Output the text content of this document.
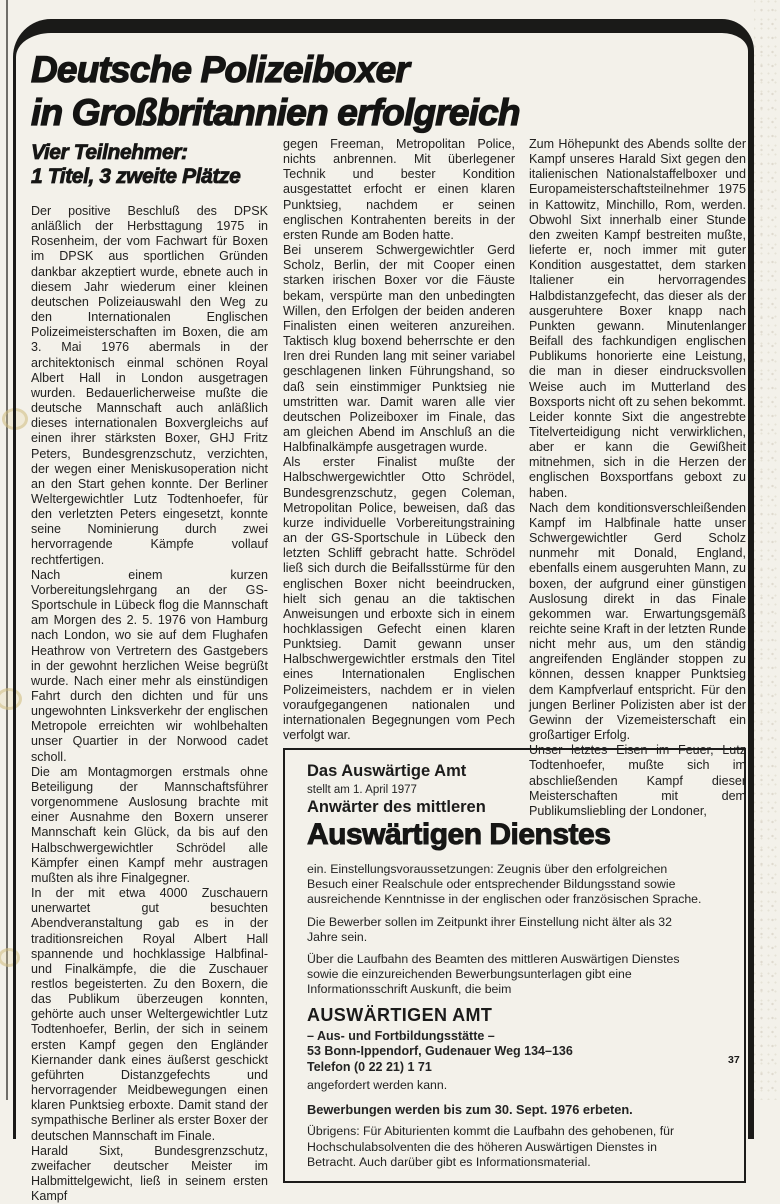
Deutsche Polizeiboxer
in Großbritannien erfolgreich
Vier Teilnehmer:
1 Titel, 3 zweite Plätze

Der positive Beschluß des DPSK anläßlich der Herbsttagung 1975 in Rosenheim, der vom Fachwart für Boxen im DPSK aus sportlichen Gründen dankbar akzeptiert wurde, ebnete auch in diesem Jahr wiederum einer kleinen deutschen Polizeiauswahl den Weg zu den Internationalen Englischen Polizeimeisterschaften im Boxen, die am 3. Mai 1976 abermals in der architektonisch einmal schönen Royal Albert Hall in London ausgetragen wurden. Bedauerlicherweise mußte die deutsche Mannschaft auch anläßlich dieses internationalen Boxvergleichs auf einen ihrer stärksten Boxer, GHJ Fritz Peters, Bundesgrenzschutz, verzichten, der wegen einer Meniskusoperation nicht an den Start gehen konnte. Der Berliner Weltergewichtler Lutz Todtenhoefer, für den verletzten Peters eingesetzt, konnte seine Nominierung durch zwei hervorragende Kämpfe vollauf rechtfertigen.

Nach einem kurzen Vorbereitungslehrgang an der GS-Sportschule in Lübeck flog die Mannschaft am Morgen des 2. 5. 1976 von Hamburg nach London, wo sie auf dem Flughafen Heathrow von Vertretern des Gastgebers in der gewohnt herzlichen Weise begrüßt wurde. Nach einer mehr als einstündigen Fahrt durch den dichten und für uns ungewohnten Linksverkehr der englischen Metropole erreichten wir wohlbehalten unser Quartier in der Norwood cadet scholl.

Die am Montagmorgen erstmals ohne Beteiligung der Mannschaftsführer vorgenommene Auslosung brachte mit einer Ausnahme den Boxern unserer Mannschaft kein Glück, da bis auf den Halbschwergewichtler Schrödel alle Kämpfer einen Kampf mehr austragen mußten als ihre Finalgegner.

In der mit etwa 4000 Zuschauern unerwartet gut besuchten Abendveranstaltung gab es in der traditionsreichen Royal Albert Hall spannende und hochklassige Halbfinal- und Finalkämpfe, die die Zuschauer restlos begeisterten. Zu den Boxern, die das Publikum überzeugen konnten, gehörte auch unser Weltergewichtler Lutz Todtenhoefer, Berlin, der sich in seinem ersten Kampf gegen den Engländer Kiernander dank eines äußerst geschickt geführten Distanzgefechts und hervorragender Meidbewegungen einen klaren Punktsieg erboxte. Damit stand der sympathische Berliner als erster Boxer der deutschen Mannschaft im Finale.

Harald Sixt, Bundesgrenzschutz, zweifacher deutscher Meister im Halbmittelgewicht, ließ in seinem ersten Kampf

gegen Freeman, Metropolitan Police, nichts anbrennen. Mit überlegener Technik und bester Kondition ausgestattet erfocht er einen klaren Punktsieg, nachdem er seinen englischen Kontrahenten bereits in der ersten Runde am Boden hatte.

Bei unserem Schwergewichtler Gerd Scholz, Berlin, der mit Cooper einen starken irischen Boxer vor die Fäuste bekam, verspürte man den unbedingten Willen, den Erfolgen der beiden anderen Finalisten einen weiteren anzureihen. Taktisch klug boxend beherrschte er den Iren drei Runden lang mit seiner variabel geschlagenen linken Führungshand, so daß sein einstimmiger Punktsieg nie umstritten war. Damit waren alle vier deutschen Polizeiboxer im Finale, das am gleichen Abend im Anschluß an die Halbfinalkämpfe ausgetragen wurde.

Als erster Finalist mußte der Halbschwergewichtler Otto Schrödel, Bundesgrenzschutz, gegen Coleman, Metropolitan Police, beweisen, daß das kurze individuelle Vorbereitungstraining an der GS-Sportschule in Lübeck den letzten Schliff gebracht hatte. Schrödel ließ sich durch die Beifallsstürme für den englischen Boxer nicht beeindrucken, hielt sich genau an die taktischen Anweisungen und erboxte sich in einem hochklassigen Gefecht einen klaren Punktsieg. Damit gewann unser Halbschwergewichtler erstmals den Titel eines Internationalen Englischen Polizeimeisters, nachdem er in vielen voraufgegangenen nationalen und internationalen Begegnungen vom Pech verfolgt war.

Zum Höhepunkt des Abends sollte der Kampf unseres Harald Sixt gegen den italienischen Nationalstaffelboxer und Europameisterschaftsteilnehmer 1975 in Kattowitz, Minchillo, Rom, werden. Obwohl Sixt innerhalb einer Stunde den zweiten Kampf bestreiten mußte, lieferte er, noch immer mit guter Kondition ausgestattet, dem starken Italiener ein hervorragendes Halbdistanzgefecht, das dieser als der ausgeruhtere Boxer knapp nach Punkten gewann. Minutenlanger Beifall des fachkundigen englischen Publikums honorierte eine Leistung, die man in dieser eindrucksvollen Weise auch im Mutterland des Boxsports nicht oft zu sehen bekommt. Leider konnte Sixt die angestrebte Titelverteidigung nicht verwirklichen, aber er kann die Gewißheit mitnehmen, sich in die Herzen der englischen Boxsportfans geboxt zu haben.

Nach dem konditionsverschleißenden Kampf im Halbfinale hatte unser Schwergewichtler Gerd Scholz nunmehr mit Donald, England, ebenfalls einem ausgeruhten Mann, zu boxen, der aufgrund einer günstigen Auslosung direkt in das Finale gekommen war. Erwartungsgemäß reichte seine Kraft in der letzten Runde nicht mehr aus, um den ständig angreifenden Engländer stoppen zu können, dessen knapper Punktsieg dem Kampfverlauf entspricht. Für den jungen Berliner Polizisten aber ist der Gewinn der Vizemeisterschaft ein großartiger Erfolg.

Unser letztes Eisen im Feuer, Lutz Todtenhoefer, mußte sich im abschließenden Kampf dieser Meisterschaften mit dem Publikumsliebling der Londoner,

Das Auswärtige Amt

stellt am 1. April 1977

Anwärter des mittleren

Auswärtigen Dienstes

ein. Einstellungsvoraussetzungen: Zeugnis über den erfolgreichen Besuch einer Realschule oder entsprechender Bildungsstand sowie ausreichende Kenntnisse in der englischen oder französischen Sprache.

Die Bewerber sollen im Zeitpunkt ihrer Einstellung nicht älter als 32 Jahre sein.

Über die Laufbahn des Beamten des mittleren Auswärtigen Dienstes sowie die einzureichenden Bewerbungsunterlagen gibt eine Informationsschrift Auskunft, die beim

AUSWÄRTIGEN AMT

– Aus- und Fortbildungsstätte –

53 Bonn-Ippendorf, Gudenauer Weg 134–136

Telefon (0 22 21) 1 71

angefordert werden kann.

Bewerbungen werden bis zum 30. Sept. 1976 erbeten.

Übrigens: Für Abiturienten kommt die Laufbahn des gehobenen, für Hochschulabsolventen die des höheren Auswärtigen Dienstes in Betracht. Auch darüber gibt es Informationsmaterial.

37
